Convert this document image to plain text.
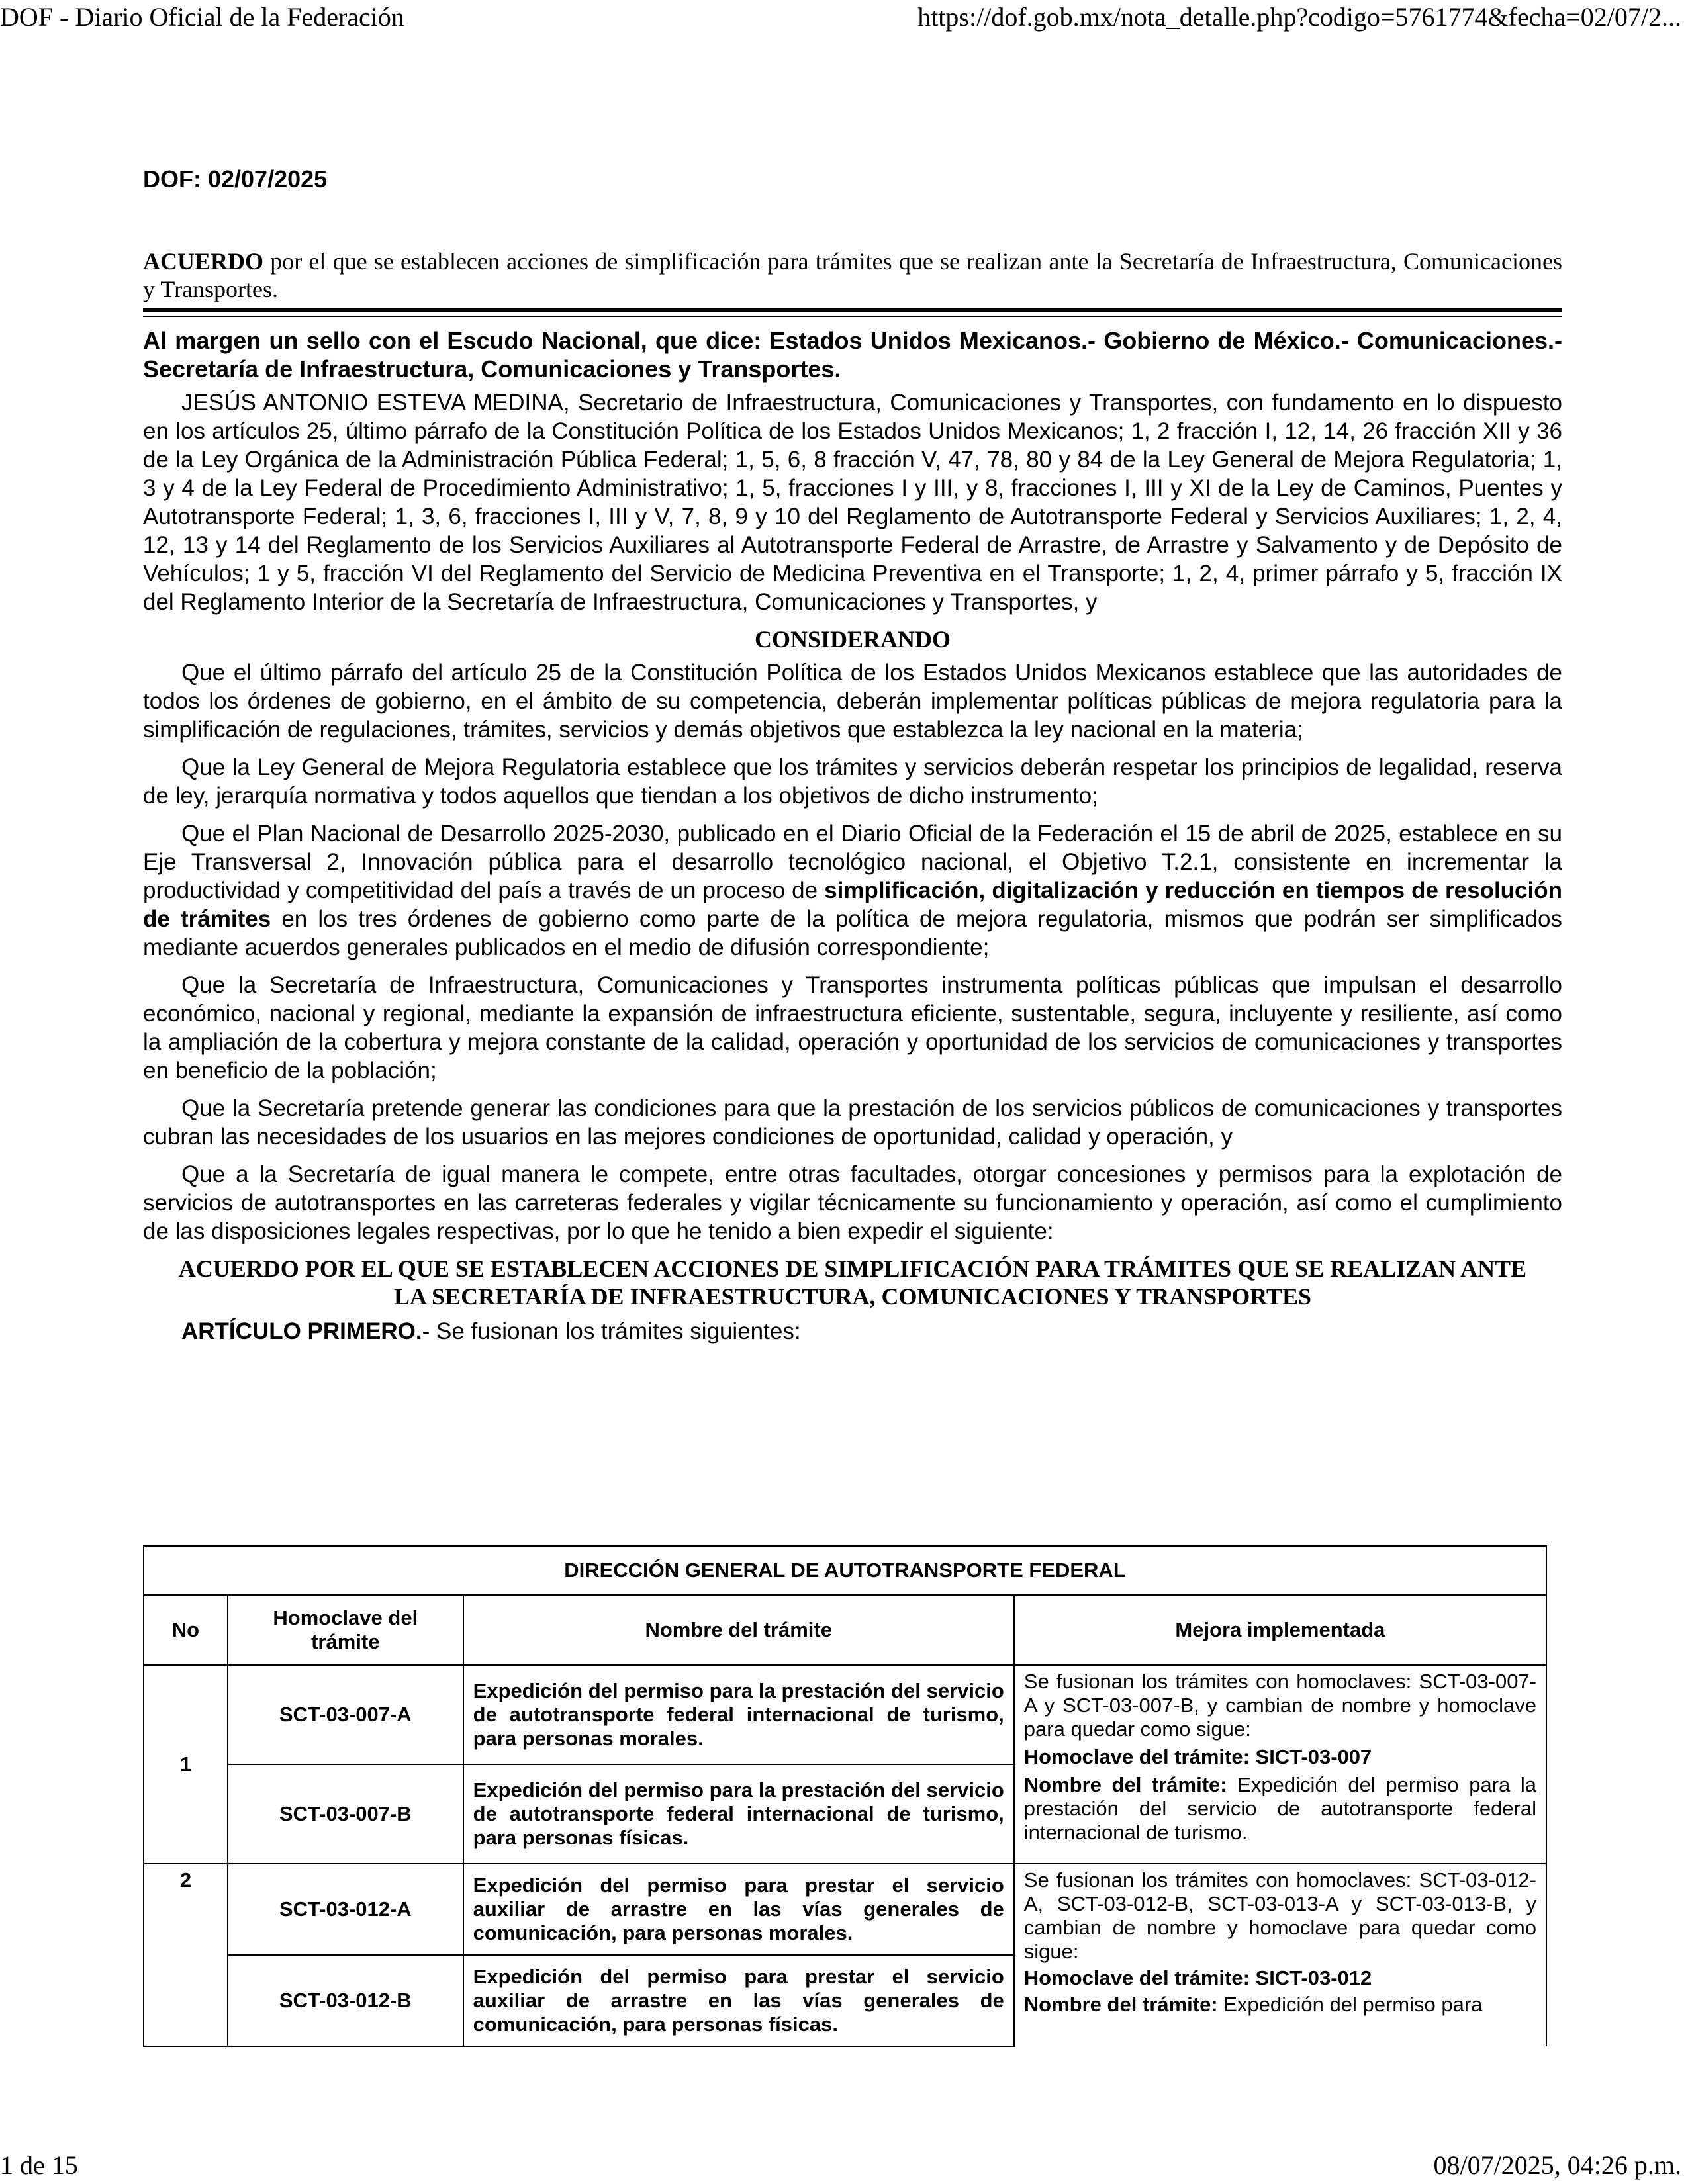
DOF - Diario Oficial de la Federación	https://dof.gob.mx/nota_detalle.php?codigo=5761774&fecha=02/07/2...
DOF: 02/07/2025

ACUERDO por el que se establecen acciones de simplificación para trámites que se realizan ante la Secretaría de Infraestructura, Comunicaciones y Transportes.

Al margen un sello con el Escudo Nacional, que dice: Estados Unidos Mexicanos.- Gobierno de México.- Comunicaciones.- Secretaría de Infraestructura, Comunicaciones y Transportes.

JESÚS ANTONIO ESTEVA MEDINA, Secretario de Infraestructura, Comunicaciones y Transportes, con fundamento en lo dispuesto en los artículos 25, último párrafo de la Constitución Política de los Estados Unidos Mexicanos; 1, 2 fracción I, 12, 14, 26 fracción XII y 36 de la Ley Orgánica de la Administración Pública Federal; 1, 5, 6, 8 fracción V, 47, 78, 80 y 84 de la Ley General de Mejora Regulatoria; 1, 3 y 4 de la Ley Federal de Procedimiento Administrativo; 1, 5, fracciones I y III, y 8, fracciones I, III y XI de la Ley de Caminos, Puentes y Autotransporte Federal; 1, 3, 6, fracciones I, III y V, 7, 8, 9 y 10 del Reglamento de Autotransporte Federal y Servicios Auxiliares; 1, 2, 4, 12, 13 y 14 del Reglamento de los Servicios Auxiliares al Autotransporte Federal de Arrastre, de Arrastre y Salvamento y de Depósito de Vehículos; 1 y 5, fracción VI del Reglamento del Servicio de Medicina Preventiva en el Transporte; 1, 2, 4, primer párrafo y 5, fracción IX del Reglamento Interior de la Secretaría de Infraestructura, Comunicaciones y Transportes, y

CONSIDERANDO

Que el último párrafo del artículo 25 de la Constitución Política de los Estados Unidos Mexicanos establece que las autoridades de todos los órdenes de gobierno, en el ámbito de su competencia, deberán implementar políticas públicas de mejora regulatoria para la simplificación de regulaciones, trámites, servicios y demás objetivos que establezca la ley nacional en la materia;

Que la Ley General de Mejora Regulatoria establece que los trámites y servicios deberán respetar los principios de legalidad, reserva de ley, jerarquía normativa y todos aquellos que tiendan a los objetivos de dicho instrumento;

Que el Plan Nacional de Desarrollo 2025-2030, publicado en el Diario Oficial de la Federación el 15 de abril de 2025, establece en su Eje Transversal 2, Innovación pública para el desarrollo tecnológico nacional, el Objetivo T.2.1, consistente en incrementar la productividad y competitividad del país a través de un proceso de simplificación, digitalización y reducción en tiempos de resolución de trámites en los tres órdenes de gobierno como parte de la política de mejora regulatoria, mismos que podrán ser simplificados mediante acuerdos generales publicados en el medio de difusión correspondiente;

Que la Secretaría de Infraestructura, Comunicaciones y Transportes instrumenta políticas públicas que impulsan el desarrollo económico, nacional y regional, mediante la expansión de infraestructura eficiente, sustentable, segura, incluyente y resiliente, así como la ampliación de la cobertura y mejora constante de la calidad, operación y oportunidad de los servicios de comunicaciones y transportes en beneficio de la población;

Que la Secretaría pretende generar las condiciones para que la prestación de los servicios públicos de comunicaciones y transportes cubran las necesidades de los usuarios en las mejores condiciones de oportunidad, calidad y operación, y

Que a la Secretaría de igual manera le compete, entre otras facultades, otorgar concesiones y permisos para la explotación de servicios de autotransportes en las carreteras federales y vigilar técnicamente su funcionamiento y operación, así como el cumplimiento de las disposiciones legales respectivas, por lo que he tenido a bien expedir el siguiente:

ACUERDO POR EL QUE SE ESTABLECEN ACCIONES DE SIMPLIFICACIÓN PARA TRÁMITES QUE SE REALIZAN ANTE LA SECRETARÍA DE INFRAESTRUCTURA, COMUNICACIONES Y TRANSPORTES

ARTÍCULO PRIMERO.- Se fusionan los trámites siguientes:

DIRECCIÓN GENERAL DE AUTOTRANSPORTE FEDERAL			
No	Homoclave del trámite	Nombre del trámite	Mejora implementada
1	SCT-03-007-A	Expedición del permiso para la prestación del servicio de autotransporte federal internacional de turismo, para personas morales.	Se fusionan los trámites con homoclaves: SCT-03-007-A y SCT-03-007-B, y cambian de nombre y homoclave para quedar como sigue:
Homoclave del trámite: SICT-03-007
Nombre del trámite: Expedición del permiso para la prestación del servicio de autotransporte federal internacional de turismo.

	SCT-03-007-B	Expedición del permiso para la prestación del servicio de autotransporte federal internacional de turismo, para personas físicas.	
2	SCT-03-012-A	Expedición del permiso para prestar el servicio auxiliar de arrastre en las vías generales de comunicación, para personas morales.	Se fusionan los trámites con homoclaves: SCT-03-012-A, SCT-03-012-B, SCT-03-013-A y SCT-03-013-B, y cambian de nombre y homoclave para quedar como sigue:
Homoclave del trámite: SICT-03-012
Nombre del trámite: Expedición del permiso para

	SCT-03-012-B	Expedición del permiso para prestar el servicio auxiliar de arrastre en las vías generales de comunicación, para personas físicas.	
1 de 15	08/07/2025, 04:26 p.m.
